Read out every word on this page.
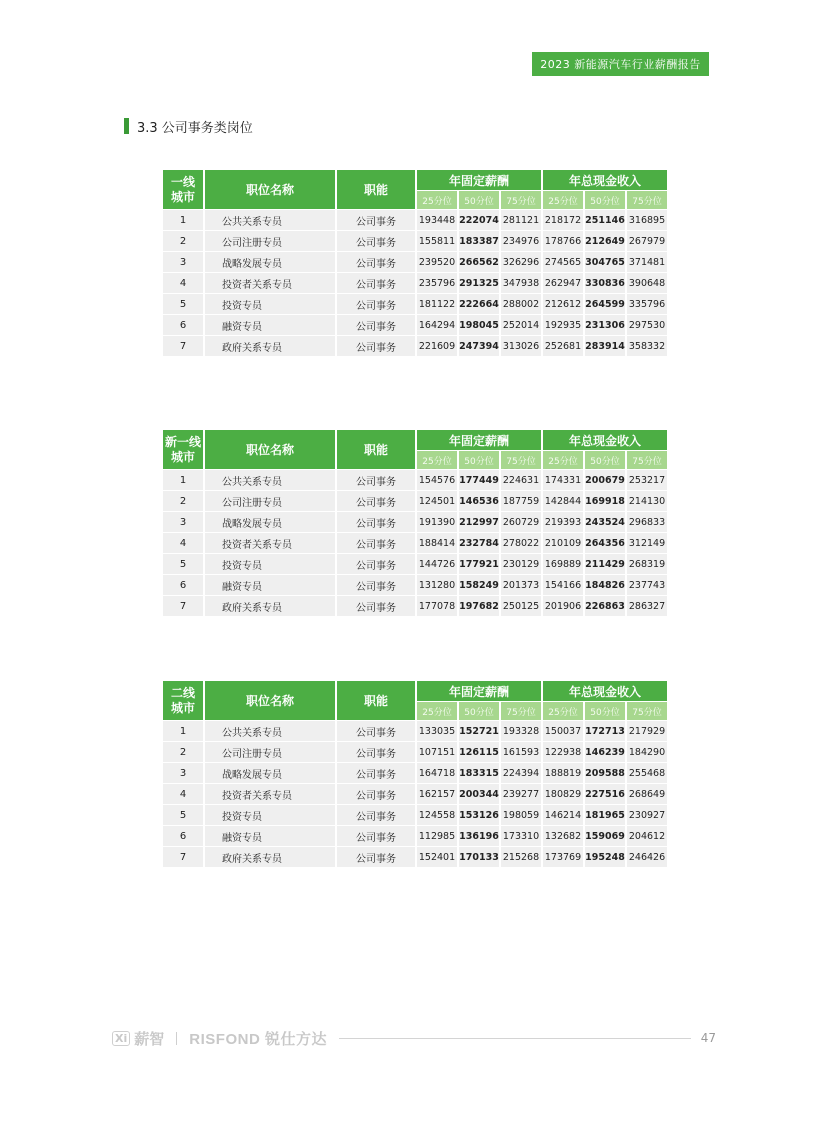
2023 新能源汽车行业薪酬报告
3.3 公司事务类岗位
一线
城市	职位名称	职能	年固定薪酬			年总现金收入		
			25分位	50分位	75分位	25分位	50分位	75分位
1	公共关系专员	公司事务	193448	222074	281121	218172	251146	316895
2	公司注册专员	公司事务	155811	183387	234976	178766	212649	267979
3	战略发展专员	公司事务	239520	266562	326296	274565	304765	371481
4	投资者关系专员	公司事务	235796	291325	347938	262947	330836	390648
5	投资专员	公司事务	181122	222664	288002	212612	264599	335796
6	融资专员	公司事务	164294	198045	252014	192935	231306	297530
7	政府关系专员	公司事务	221609	247394	313026	252681	283914	358332
新一线
城市	职位名称	职能	年固定薪酬			年总现金收入		
			25分位	50分位	75分位	25分位	50分位	75分位
1	公共关系专员	公司事务	154576	177449	224631	174331	200679	253217
2	公司注册专员	公司事务	124501	146536	187759	142844	169918	214130
3	战略发展专员	公司事务	191390	212997	260729	219393	243524	296833
4	投资者关系专员	公司事务	188414	232784	278022	210109	264356	312149
5	投资专员	公司事务	144726	177921	230129	169889	211429	268319
6	融资专员	公司事务	131280	158249	201373	154166	184826	237743
7	政府关系专员	公司事务	177078	197682	250125	201906	226863	286327
二线
城市	职位名称	职能	年固定薪酬			年总现金收入		
			25分位	50分位	75分位	25分位	50分位	75分位
1	公共关系专员	公司事务	133035	152721	193328	150037	172713	217929
2	公司注册专员	公司事务	107151	126115	161593	122938	146239	184290
3	战略发展专员	公司事务	164718	183315	224394	188819	209588	255468
4	投资者关系专员	公司事务	162157	200344	239277	180829	227516	268649
5	投资专员	公司事务	124558	153126	198059	146214	181965	230927
6	融资专员	公司事务	112985	136196	173310	132682	159069	204612
7	政府关系专员	公司事务	152401	170133	215268	173769	195248	246426
Xi 薪智 RISFOND 锐仕方达	47
